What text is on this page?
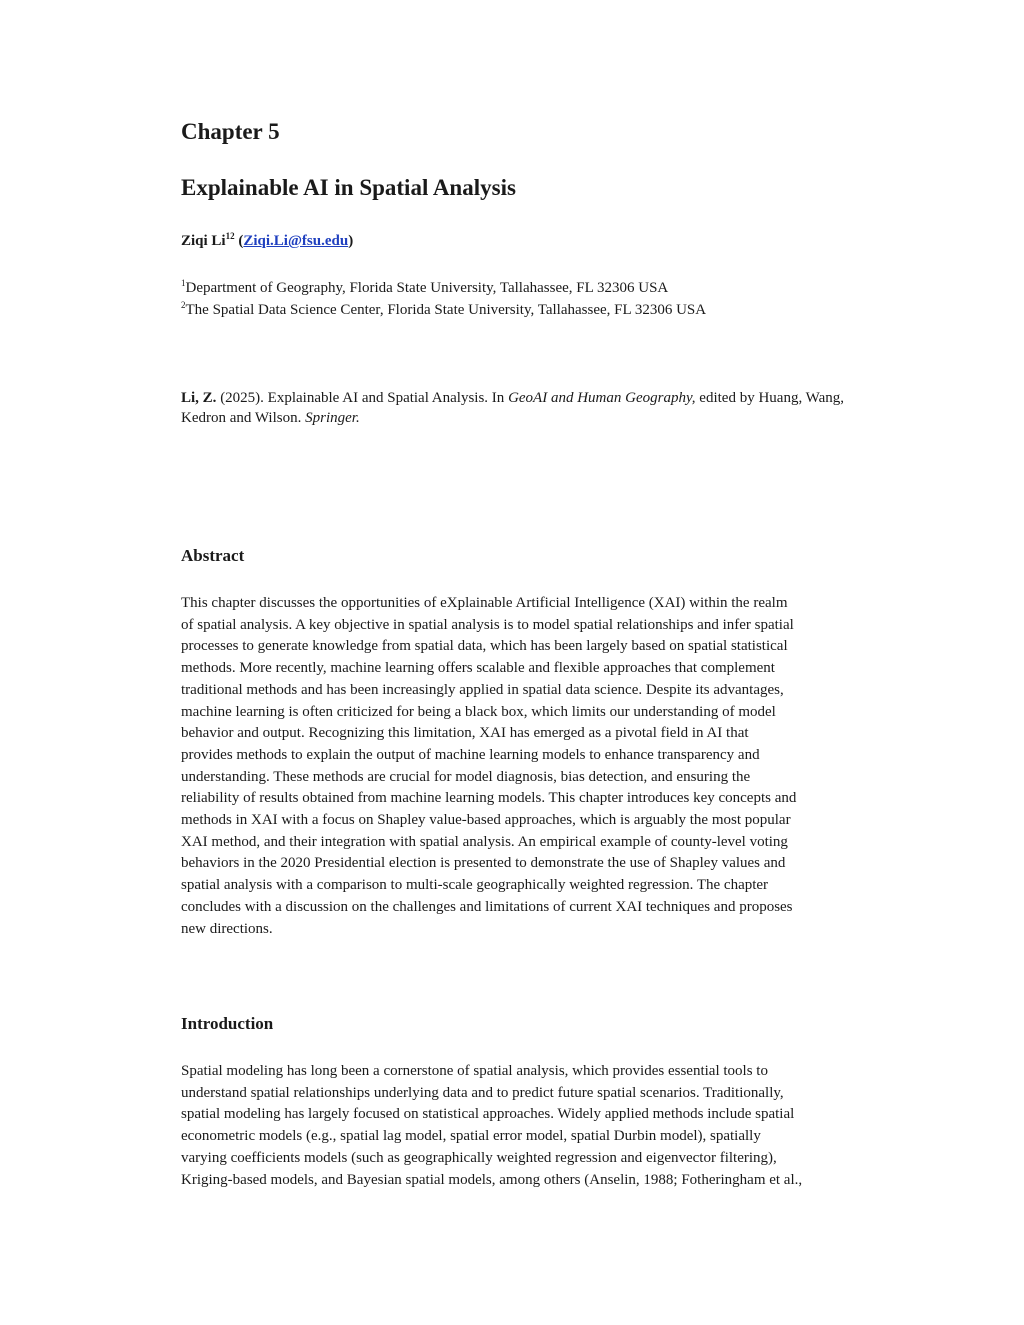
Chapter 5
Explainable AI in Spatial Analysis
Ziqi Li$^{12}$ (Ziqi.Li@fsu.edu)
$^1$Department of Geography, Florida State University, Tallahassee, FL 32306 USA
$^2$The Spatial Data Science Center, Florida State University, Tallahassee, FL 32306 USA
Li, Z. (2025). Explainable AI and Spatial Analysis. In GeoAI and Human Geography, edited by Huang, Wang, Kedron and Wilson. Springer.
Abstract
This chapter discusses the opportunities of eXplainable Artificial Intelligence (XAI) within the realm
of spatial analysis. A key objective in spatial analysis is to model spatial relationships and infer spatial
processes to generate knowledge from spatial data, which has been largely based on spatial statistical
methods. More recently, machine learning offers scalable and flexible approaches that complement
traditional methods and has been increasingly applied in spatial data science. Despite its advantages,
machine learning is often criticized for being a black box, which limits our understanding of model
behavior and output. Recognizing this limitation, XAI has emerged as a pivotal field in AI that
provides methods to explain the output of machine learning models to enhance transparency and
understanding. These methods are crucial for model diagnosis, bias detection, and ensuring the
reliability of results obtained from machine learning models. This chapter introduces key concepts and
methods in XAI with a focus on Shapley value-based approaches, which is arguably the most popular
XAI method, and their integration with spatial analysis. An empirical example of county-level voting
behaviors in the 2020 Presidential election is presented to demonstrate the use of Shapley values and
spatial analysis with a comparison to multi-scale geographically weighted regression. The chapter
concludes with a discussion on the challenges and limitations of current XAI techniques and proposes
new directions.
Introduction
Spatial modeling has long been a cornerstone of spatial analysis, which provides essential tools to
understand spatial relationships underlying data and to predict future spatial scenarios. Traditionally,
spatial modeling has largely focused on statistical approaches. Widely applied methods include spatial
econometric models (e.g., spatial lag model, spatial error model, spatial Durbin model), spatially
varying coefficients models (such as geographically weighted regression and eigenvector filtering),
Kriging-based models, and Bayesian spatial models, among others (Anselin, 1988; Fotheringham et al.,
